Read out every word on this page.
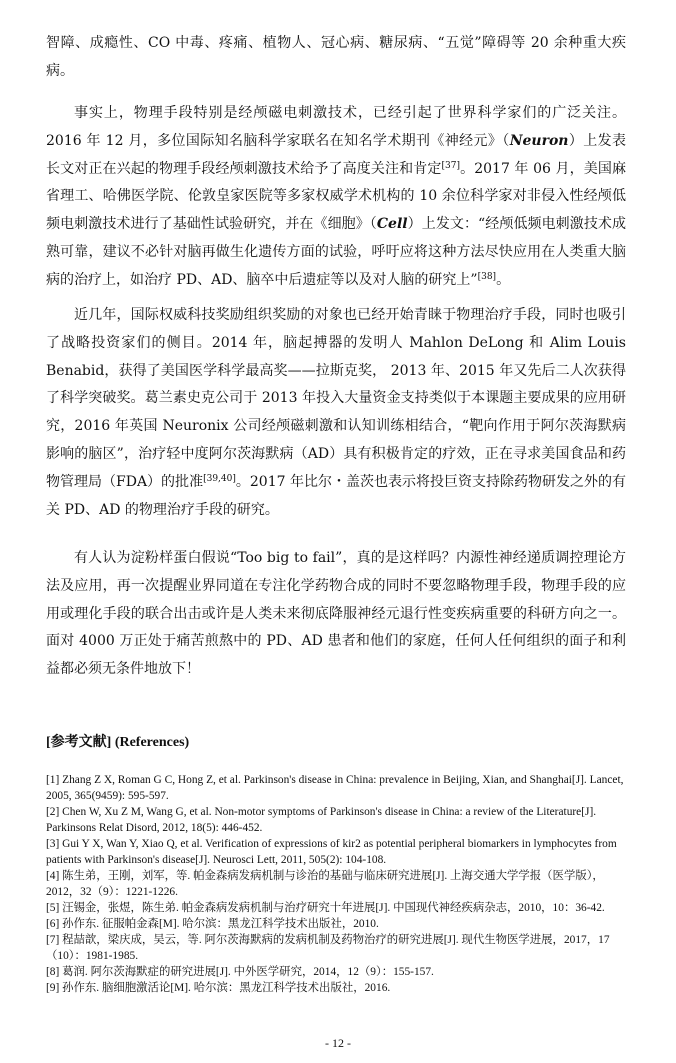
智障、成瘾性、CO 中毒、疼痛、植物人、冠心病、糖尿病、“五觉”障碍等 20 余种重大疾病。

事实上，物理手段特别是经颅磁电刺激技术，已经引起了世界科学家们的广泛关注。2016 年 12 月，多位国际知名脑科学家联名在知名学术期刊《神经元》（Neuron）上发表长文对正在兴起的物理手段经颅刺激技术给予了高度关注和肯定[37]。2017 年 06 月，美国麻省理工、哈佛医学院、伦敦皇家医院等多家权威学术机构的 10 余位科学家对非侵入性经颅低频电刺激技术进行了基础性试验研究，并在《细胞》（Cell）上发文：“经颅低频电刺激技术成熟可靠，建议不必针对脑再做生化遗传方面的试验，呼吁应将这种方法尽快应用在人类重大脑病的治疗上，如治疗 PD、AD、脑卒中后遗症等以及对人脑的研究上”[38]。

近几年，国际权威科技奖励组织奖励的对象也已经开始青睐于物理治疗手段，同时也吸引了战略投资家们的侧目。2014 年，脑起搏器的发明人 Mahlon DeLong 和 Alim Louis Benabid，获得了美国医学科学最高奖——拉斯克奖， 2013 年、2015 年又先后二人次获得了科学突破奖。葛兰素史克公司于 2013 年投入大量资金支持类似于本课题主要成果的应用研究，2016 年英国 Neuronix 公司经颅磁刺激和认知训练相结合，“靶向作用于阿尔茨海默病影响的脑区”，治疗轻中度阿尔茨海默病（AD）具有积极肯定的疗效，正在寻求美国食品和药物管理局（FDA）的批准[39,40]。2017 年比尔・盖茨也表示将投巨资支持除药物研发之外的有关 PD、AD 的物理治疗手段的研究。

有人认为淀粉样蛋白假说“Too big to fail”，真的是这样吗？内源性神经递质调控理论方法及应用，再一次提醒业界同道在专注化学药物合成的同时不要忽略物理手段，物理手段的应用或理化手段的联合出击或许是人类未来彻底降服神经元退行性变疾病重要的科研方向之一。面对 4000 万正处于痛苦煎熬中的 PD、AD 患者和他们的家庭，任何人任何组织的面子和利益都必须无条件地放下！

[参考文献] (References)

[1] Zhang Z X, Roman G C, Hong Z, et al. Parkinson's disease in China: prevalence in Beijing, Xian, and Shanghai[J]. Lancet, 2005, 365(9459): 595-597.

[2] Chen W, Xu Z M, Wang G, et al. Non-motor symptoms of Parkinson's disease in China: a review of the Literature[J]. Parkinsons Relat Disord, 2012, 18(5): 446-452.

[3] Gui Y X, Wan Y, Xiao Q, et al. Verification of expressions of kir2 as potential peripheral biomarkers in lymphocytes from patients with Parkinson's disease[J]. Neurosci Lett, 2011, 505(2): 104-108.

[4] 陈生弟，王刚，刘军，等. 帕金森病发病机制与诊治的基础与临床研究进展[J]. 上海交通大学学报（医学版），2012，32（9）：1221-1226.

[5] 汪锡金，张煜，陈生弟. 帕金森病发病机制与治疗研究十年进展[J]. 中国现代神经疾病杂志，2010，10：36-42.

[6] 孙作东. 征服帕金森[M]. 哈尔滨：黑龙江科学技术出版社，2010.

[7] 程喆歆，梁庆成，吴云，等. 阿尔茨海默病的发病机制及药物治疗的研究进展[J]. 现代生物医学进展，2017，17（10）：1981-1985.

[8] 葛润. 阿尔茨海默症的研究进展[J]. 中外医学研究，2014，12（9）：155-157.

[9] 孙作东. 脑细胞激活论[M]. 哈尔滨：黑龙江科学技术出版社，2016.

- 12 -
